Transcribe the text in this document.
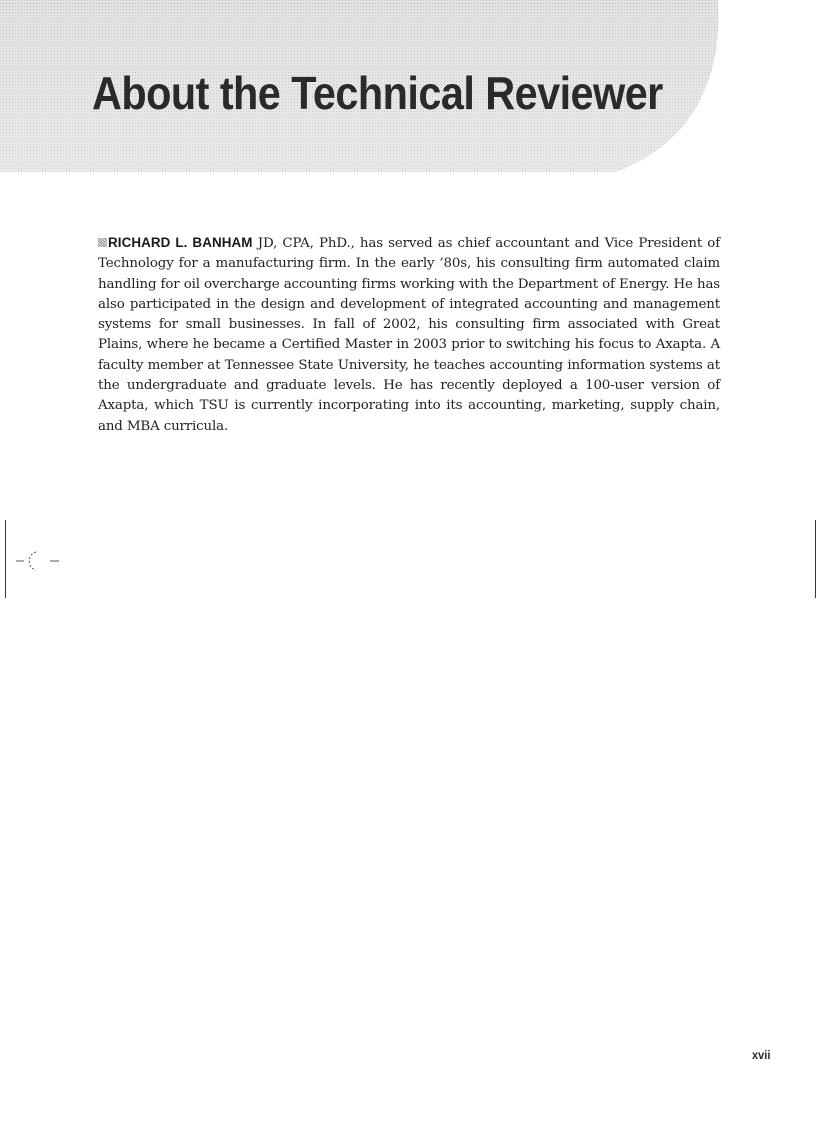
About the Technical Reviewer

RICHARD L. BANHAM JD, CPA, PhD., has served as chief accountant and Vice President of Technology for a manufacturing firm. In the early ’80s, his consulting firm automated claim handling for oil overcharge accounting firms working with the Department of Energy. He has also participated in the design and development of integrated accounting and management systems for small businesses. In fall of 2002, his consulting firm associated with Great Plains, where he became a Certified Master in 2003 prior to switching his focus to Axapta. A faculty member at Tennessee State University, he teaches accounting information systems at the undergraduate and graduate levels. He has recently deployed a 100-user version of Axapta, which TSU is currently incorporating into its accounting, marketing, supply chain, and MBA curricula.

xvii
